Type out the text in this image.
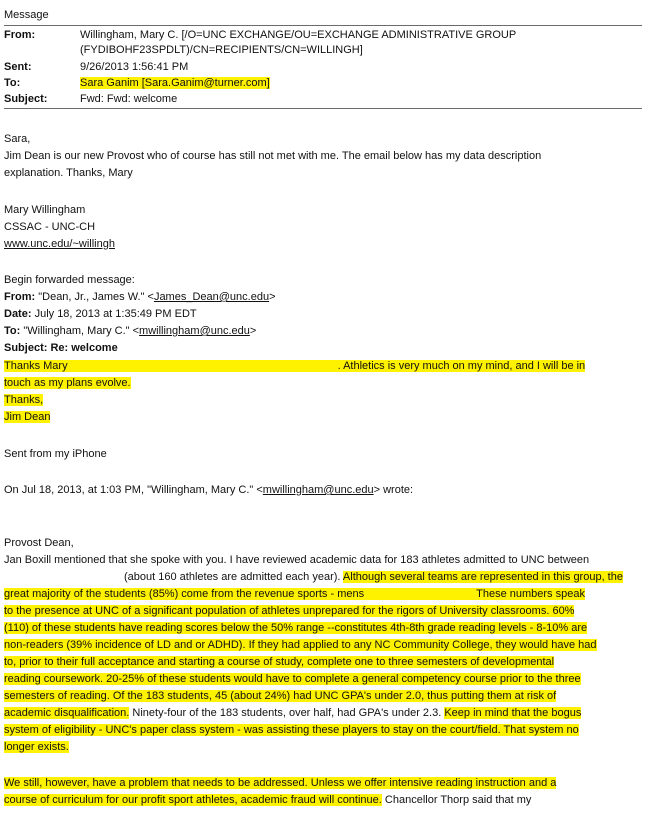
Message
From:	Willingham, Mary C. [/O=UNC EXCHANGE/OU=EXCHANGE ADMINISTRATIVE GROUP
(FYDIBOHF23SPDLT)/CN=RECIPIENTS/CN=WILLINGH]
Sent:	9/26/2013 1:56:41 PM
To:	Sara Ganim [Sara.Ganim@turner.com]
Subject:	Fwd: Fwd: welcome
Sara,
Jim Dean is our new Provost who of course has still not met with me. The email below has my data description
explanation. Thanks, Mary
Mary Willingham
CSSAC - UNC-CH
www.unc.edu/~willingh
Begin forwarded message:
From: "Dean, Jr., James W." <James_Dean@unc.edu>
Date: July 18, 2013 at 1:35:49 PM EDT
To: "Willingham, Mary C." <mwillingham@unc.edu>
Subject: Re: welcome
Thanks Mary	. Athletics is very much on my mind, and I will be in
touch as my plans evolve.
Thanks,
Jim Dean
Sent from my iPhone
On Jul 18, 2013, at 1:03 PM, "Willingham, Mary C." <mwillingham@unc.edu> wrote:
Provost Dean,
Jan Boxill mentioned that she spoke with you. I have reviewed academic data for 183 athletes admitted to UNC between
(about 160 athletes are admitted each year). Although several teams are represented in this group, the
great majority of the students (85%) come from the revenue sports - mens	These numbers speak
to the presence at UNC of a significant population of athletes unprepared for the rigors of University classrooms. 60%
(110) of these students have reading scores below the 50% range --constitutes 4th-8th grade reading levels - 8-10% are
non-readers (39% incidence of LD and or ADHD). If they had applied to any NC Community College, they would have had
to, prior to their full acceptance and starting a course of study, complete one to three semesters of developmental
reading coursework. 20-25% of these students would have to complete a general competency course prior to the three
semesters of reading. Of the 183 students, 45 (about 24%) had UNC GPA's under 2.0, thus putting them at risk of
academic disqualification. Ninety-four of the 183 students, over half, had GPA's under 2.3. Keep in mind that the bogus
system of eligibility - UNC's paper class system - was assisting these players to stay on the court/field. That system no
longer exists.
We still, however, have a problem that needs to be addressed. Unless we offer intensive reading instruction and a
course of curriculum for our profit sport athletes, academic fraud will continue. Chancellor Thorp said that my
